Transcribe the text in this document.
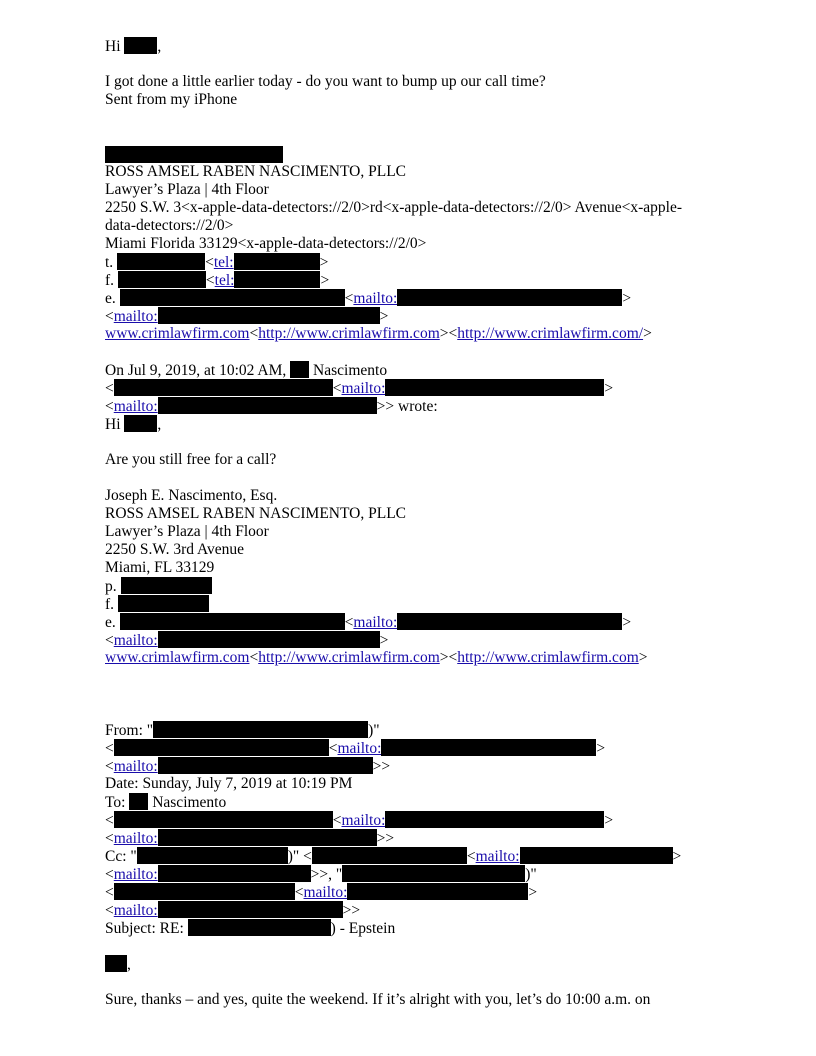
Hi ,
I got done a little earlier today - do you want to bump up our call time?
Sent from my iPhone
ROSS AMSEL RABEN NASCIMENTO, PLLC
Lawyer’s Plaza | 4th Floor
2250 S.W. 3<x-apple-data-detectors://2/0>rd<x-apple-data-detectors://2/0> Avenue<x-apple-
data-detectors://2/0>
Miami Florida 33129<x-apple-data-detectors://2/0>
t.	<tel:	>
f.	<tel:	>
e.	<mailto:	>
<mailto:	>
www.crimlawfirm.com<http://www.crimlawfirm.com><http://www.crimlawfirm.com/>
On Jul 9, 2019, at 10:02 AM, Nascimento
<	<mailto:	>
<mailto:	>> wrote:
Hi ,
Are you still free for a call?
Joseph E. Nascimento, Esq.
ROSS AMSEL RABEN NASCIMENTO, PLLC
Lawyer’s Plaza | 4th Floor
2250 S.W. 3rd Avenue
Miami, FL 33129
p.
f.
e.	<mailto:	>
<mailto:	>
www.crimlawfirm.com<http://www.crimlawfirm.com><http://www.crimlawfirm.com>
From: "	)"
<	<mailto:	>
<mailto:	>>
Date: Sunday, July 7, 2019 at 10:19 PM
To: Nascimento
<	<mailto:	>
<mailto:	>>
Cc: "	)" <	<mailto:	>
<mailto:	>>, "	)"
<	<mailto:	>
<mailto:	>>
Subject: RE:	) - Epstein
,
Sure, thanks – and yes, quite the weekend. If it’s alright with you, let’s do 10:00 a.m. on
